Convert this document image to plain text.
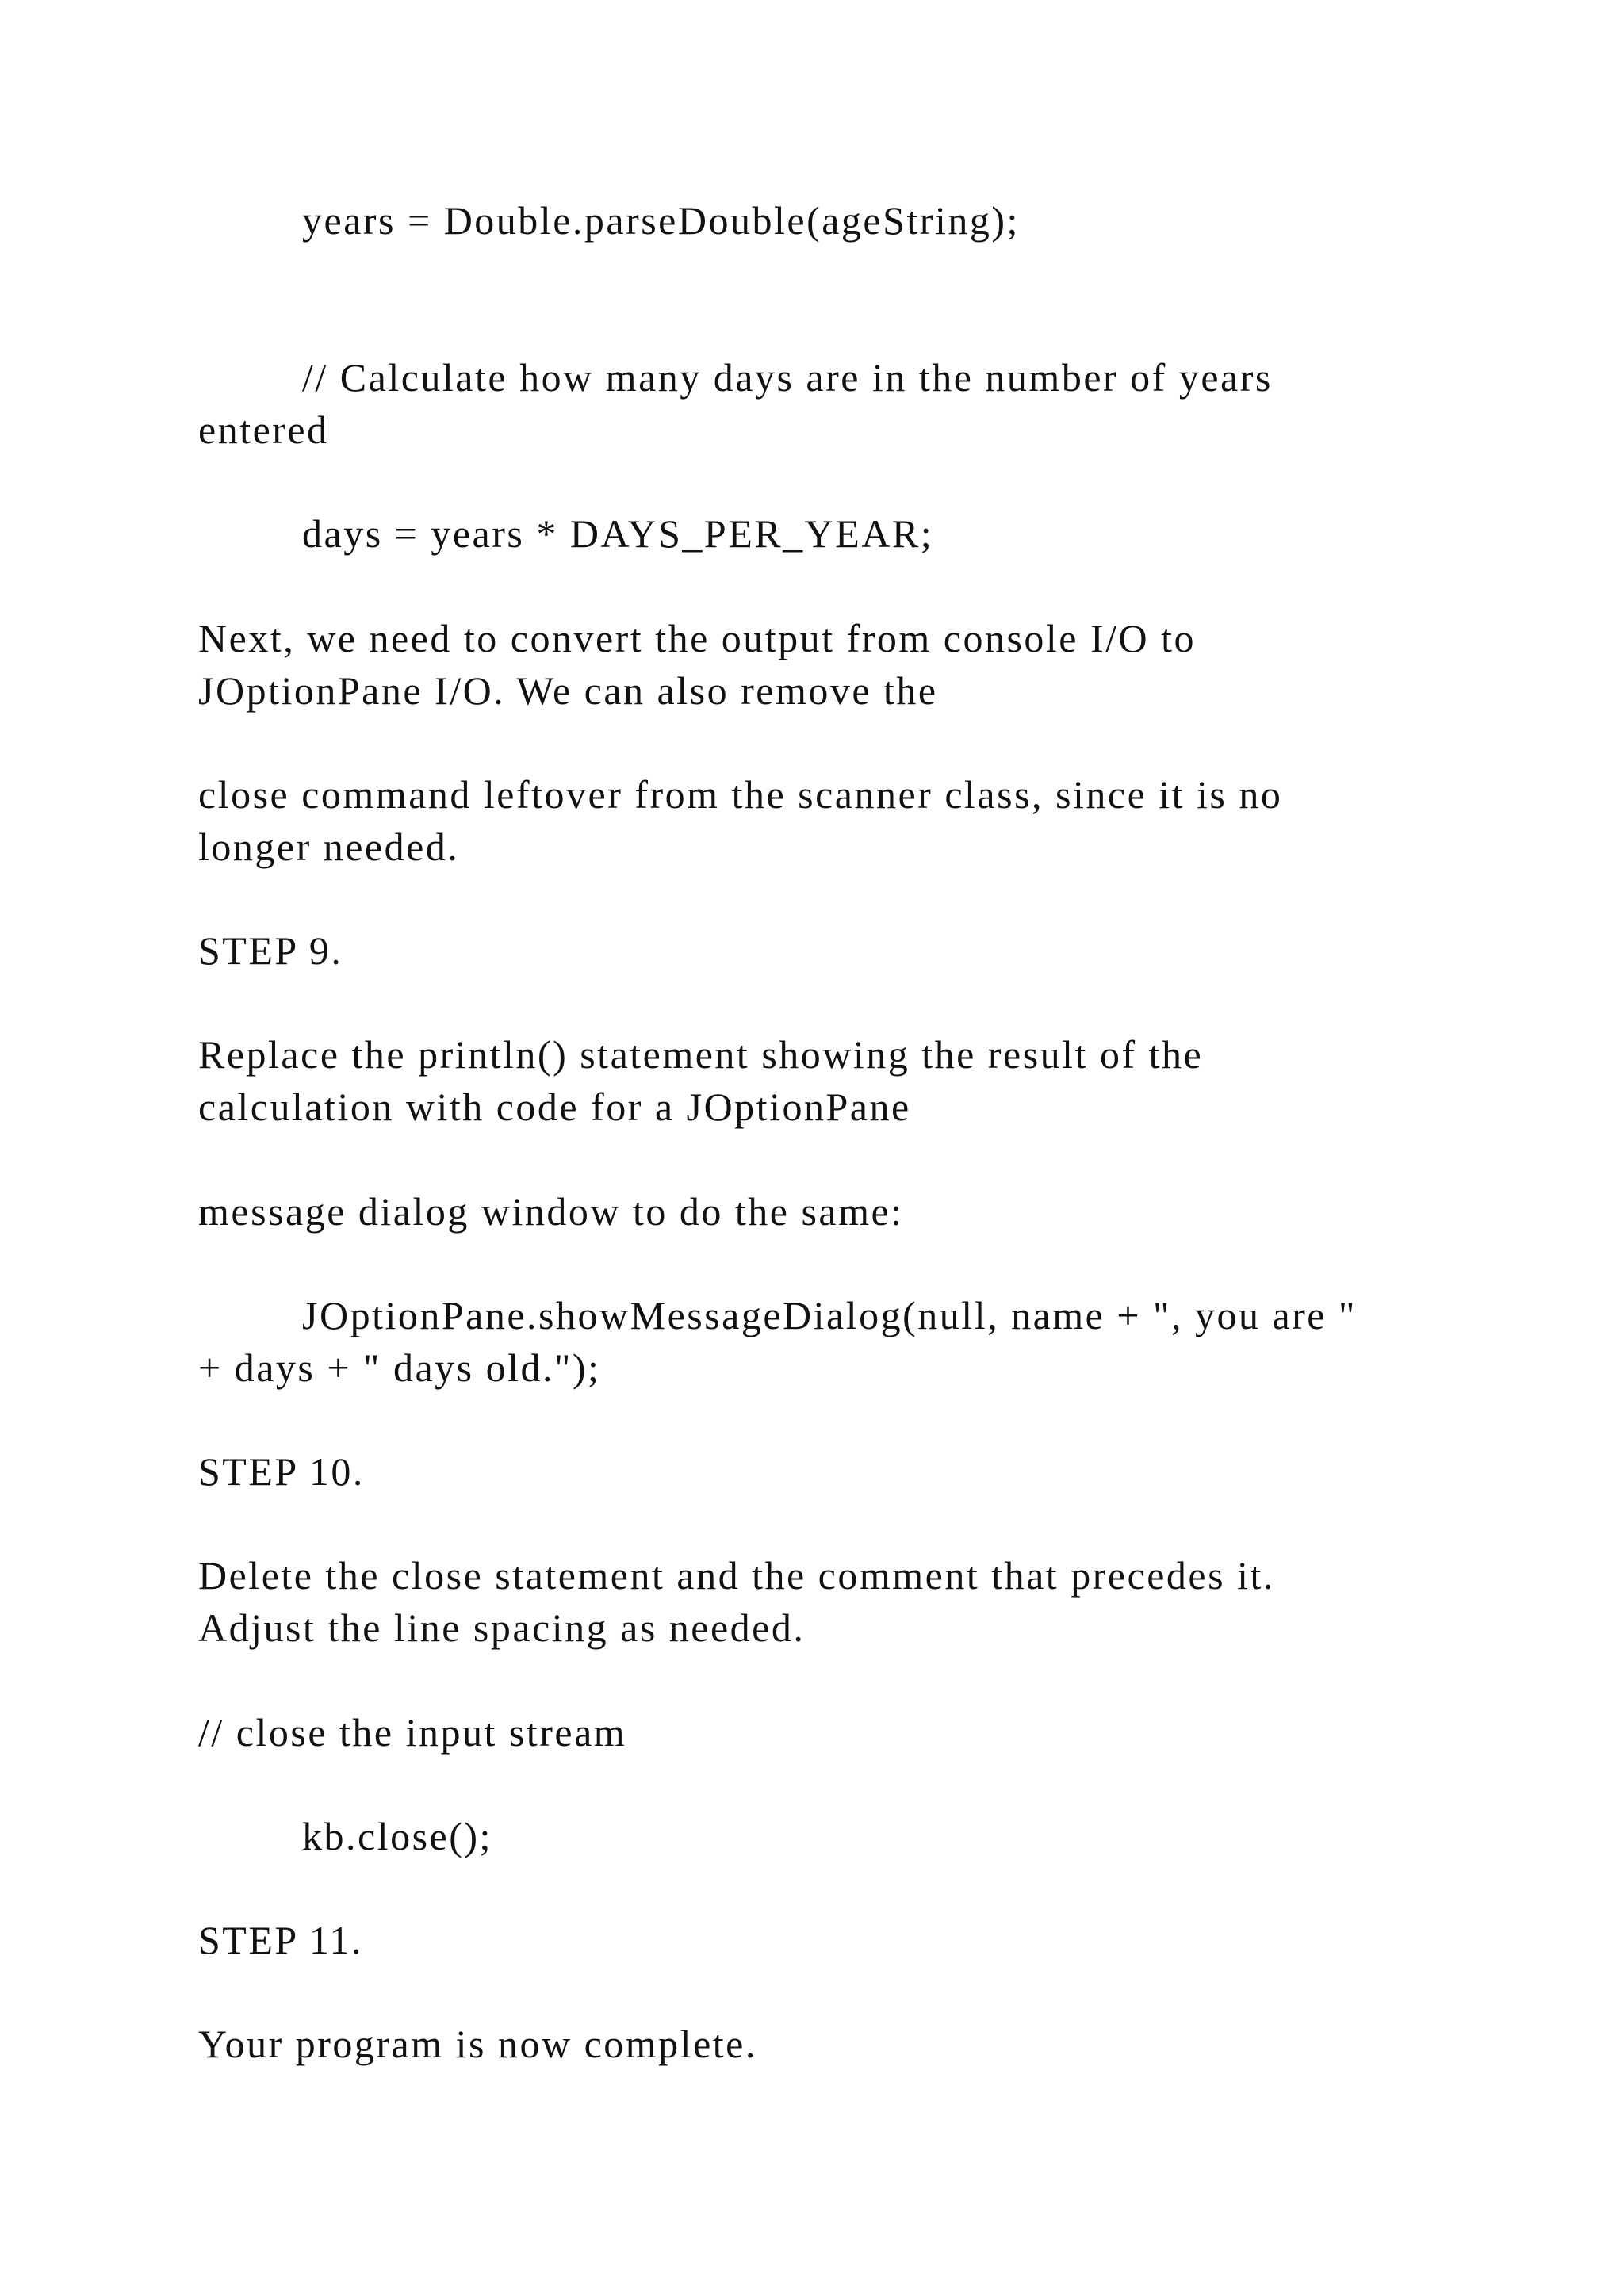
years = Double.parseDouble(ageString);
// Calculate how many days are in the number of years
entered
days = years * DAYS_PER_YEAR;
Next, we need to convert the output from console I/O to
JOptionPane I/O. We can also remove the
close command leftover from the scanner class, since it is no
longer needed.
STEP 9.
Replace the println() statement showing the result of the
calculation with code for a JOptionPane
message dialog window to do the same:
JOptionPane.showMessageDialog(null, name + ", you are "
+ days + " days old.");
STEP 10.
Delete the close statement and the comment that precedes it.
Adjust the line spacing as needed.
// close the input stream
kb.close();
STEP 11.
Your program is now complete.
